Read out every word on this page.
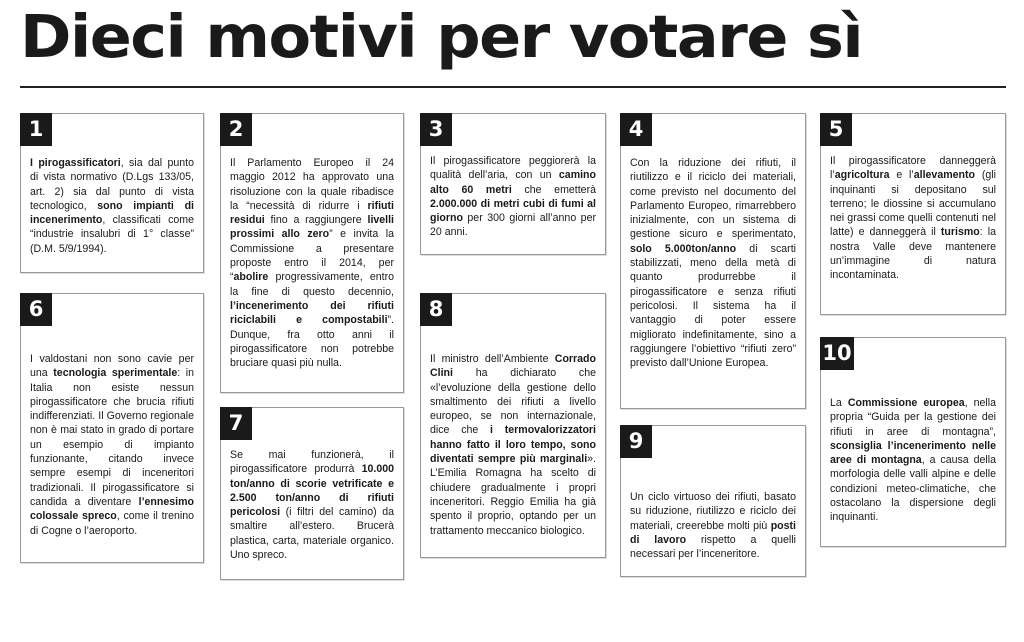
Dieci motivi per votare sì
1

I pirogassificatori, sia dal punto di vista normativo (D.Lgs 133/05, art. 2) sia dal punto di vista tecnologico, sono impianti di incenerimento, classificati come “industrie insalubri di 1° classe” (D.M. 5/9/1994).

6

I valdostani non sono cavie per una tecnologia sperimentale: in Italia non esiste nessun pirogassificatore che brucia rifiuti indifferenziati. Il Governo regionale non è mai stato in grado di portare un esempio di impianto funzionante, citando invece sempre esempi di inceneritori tradizionali. Il pirogassificatore si candida a diventare l’ennesimo colossale spreco, come il trenino di Cogne o l’aeroporto.

2

Il Parlamento Europeo il 24 maggio 2012 ha approvato una risoluzione con la quale ribadisce la “necessità di ridurre i rifiuti residui fino a raggiungere livelli prossimi allo zero” e invita la Commissione a presentare proposte entro il 2014, per “abolire progressivamente, entro la fine di questo decennio, l’incenerimento dei rifiuti riciclabili e compostabili”. Dunque, fra otto anni il pirogassificatore non potrebbe bruciare quasi più nulla.

7

Se mai funzionerà, il pirogassificatore produrrà 10.000 ton/anno di scorie vetrificate e 2.500 ton/anno di rifiuti pericolosi (i filtri del camino) da smaltire all’estero. Brucerà plastica, carta, materiale organico. Uno spreco.

3

Il pirogassificatore peggiorerà la qualità dell’aria, con un camino alto 60 metri che emetterà 2.000.000 di metri cubi di fumi al giorno per 300 giorni all’anno per 20 anni.

8

Il ministro dell’Ambiente Corrado Clini ha dichiarato che «l’evoluzione della gestione dello smaltimento dei rifiuti a livello europeo, se non internazionale, dice che i termovalorizzatori hanno fatto il loro tempo, sono diventati sempre più marginali». L’Emilia Romagna ha scelto di chiudere gradualmente i propri inceneritori. Reggio Emilia ha già spento il proprio, optando per un trattamento meccanico biologico.

4

Con la riduzione dei rifiuti, il riutilizzo e il riciclo dei materiali, come previsto nel documento del Parlamento Europeo, rimarrebbero inizialmente, con un sistema di gestione sicuro e sperimentato, solo 5.000ton/anno di scarti stabilizzati, meno della metà di quanto produrrebbe il pirogassificatore e senza rifiuti pericolosi. Il sistema ha il vantaggio di poter essere migliorato indefinitamente, sino a raggiungere l’obiettivo “rifiuti zero” previsto dall’Unione Europea.

9

Un ciclo virtuoso dei rifiuti, basato su riduzione, riutilizzo e riciclo dei materiali, creerebbe molti più posti di lavoro rispetto a quelli necessari per l’inceneritore.

5

Il pirogassificatore danneggerà l’agricoltura e l’allevamento (gli inquinanti si depositano sul terreno; le diossine si accumulano nei grassi come quelli contenuti nel latte) e danneggerà il turismo: la nostra Valle deve mantenere un’immagine di natura incontaminata.

10

La Commissione europea, nella propria “Guida per la gestione dei rifiuti in aree di montagna”, sconsiglia l’incenerimento nelle aree di montagna, a causa della morfologia delle valli alpine e delle condizioni meteo-climatiche, che ostacolano la dispersione degli inquinanti.
